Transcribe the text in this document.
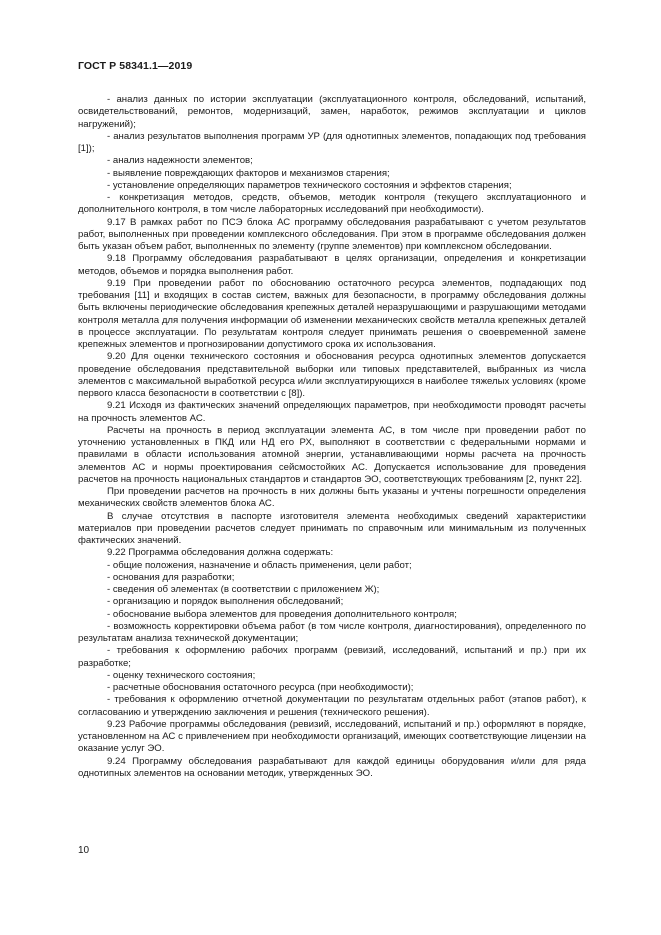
ГОСТ Р 58341.1—2019

- анализ данных по истории эксплуатации (эксплуатационного контроля, обследований, испытаний, освидетельствований, ремонтов, модернизаций, замен, наработок, режимов эксплуатации и циклов нагружений);

- анализ результатов выполнения программ УР (для однотипных элементов, попадающих под требования [1]);

- анализ надежности элементов;

- выявление повреждающих факторов и механизмов старения;

- установление определяющих параметров технического состояния и эффектов старения;

- конкретизация методов, средств, объемов, методик контроля (текущего эксплуатационного и дополнительного контроля, в том числе лабораторных исследований при необходимости).

9.17 В рамках работ по ПСЭ блока АС программу обследования разрабатывают с учетом результатов работ, выполненных при проведении комплексного обследования. При этом в программе обследования должен быть указан объем работ, выполненных по элементу (группе элементов) при комплексном обследовании.

9.18 Программу обследования разрабатывают в целях организации, определения и конкретизации методов, объемов и порядка выполнения работ.

9.19 При проведении работ по обоснованию остаточного ресурса элементов, подпадающих под требования [11] и входящих в состав систем, важных для безопасности, в программу обследования должны быть включены периодические обследования крепежных деталей неразрушающими и разрушающими методами контроля металла для получения информации об изменении механических свойств металла крепежных деталей в процессе эксплуатации. По результатам контроля следует принимать решения о своевременной замене крепежных элементов и прогнозировании допустимого срока их использования.

9.20 Для оценки технического состояния и обоснования ресурса однотипных элементов допускается проведение обследования представительной выборки или типовых представителей, выбранных из числа элементов с максимальной выработкой ресурса и/или эксплуатирующихся в наиболее тяжелых условиях (кроме первого класса безопасности в соответствии с [8]).

9.21 Исходя из фактических значений определяющих параметров, при необходимости проводят расчеты на прочность элементов АС.

Расчеты на прочность в период эксплуатации элемента АС, в том числе при проведении работ по уточнению установленных в ПКД или НД его РХ, выполняют в соответствии с федеральными нормами и правилами в области использования атомной энергии, устанавливающими нормы расчета на прочность элементов АС и нормы проектирования сейсмостойких АС. Допускается использование для проведения расчетов на прочность национальных стандартов и стандартов ЭО, соответствующих требованиям [2, пункт 22].

При проведении расчетов на прочность в них должны быть указаны и учтены погрешности определения механических свойств элементов блока АС.

В случае отсутствия в паспорте изготовителя элемента необходимых сведений характеристики материалов при проведении расчетов следует принимать по справочным или минимальным из полученных фактических значений.

9.22 Программа обследования должна содержать:

- общие положения, назначение и область применения, цели работ;

- основания для разработки;

- сведения об элементах (в соответствии с приложением Ж);

- организацию и порядок выполнения обследований;

- обоснование выбора элементов для проведения дополнительного контроля;

- возможность корректировки объема работ (в том числе контроля, диагностирования), определенного по результатам анализа технической документации;

- требования к оформлению рабочих программ (ревизий, исследований, испытаний и пр.) при их разработке;

- оценку технического состояния;

- расчетные обоснования остаточного ресурса (при необходимости);

- требования к оформлению отчетной документации по результатам отдельных работ (этапов работ), к согласованию и утверждению заключения и решения (технического решения).

9.23 Рабочие программы обследования (ревизий, исследований, испытаний и пр.) оформляют в порядке, установленном на АС с привлечением при необходимости организаций, имеющих соответствующие лицензии на оказание услуг ЭО.

9.24 Программу обследования разрабатывают для каждой единицы оборудования и/или для ряда однотипных элементов на основании методик, утвержденных ЭО.

10
